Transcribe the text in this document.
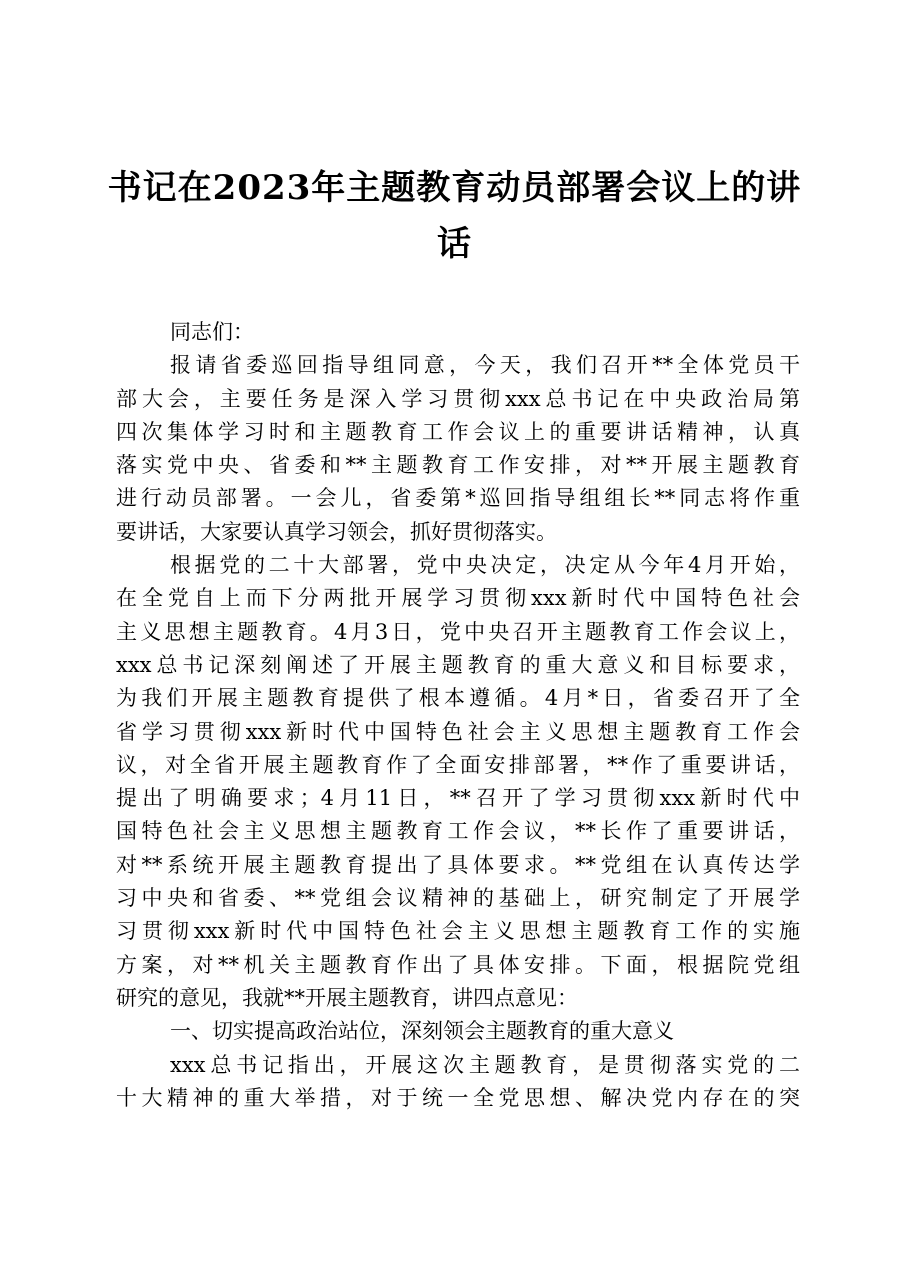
书记在2023年主题教育动员部署会议上的讲
话
同志们：
报请省委巡回指导组同意，今天，我们召开**全体党员干
部大会，主要任务是深入学习贯彻xxx总书记在中央政治局第
四次集体学习时和主题教育工作会议上的重要讲话精神，认真
落实党中央、省委和**主题教育工作安排，对**开展主题教育
进行动员部署。一会儿，省委第*巡回指导组组长**同志将作重
要讲话，大家要认真学习领会，抓好贯彻落实。
根据党的二十大部署，党中央决定，决定从今年4月开始，
在全党自上而下分两批开展学习贯彻xxx新时代中国特色社会
主义思想主题教育。4月3日，党中央召开主题教育工作会议上，
xxx总书记深刻阐述了开展主题教育的重大意义和目标要求，
为我们开展主题教育提供了根本遵循。4月*日，省委召开了全
省学习贯彻xxx新时代中国特色社会主义思想主题教育工作会
议，对全省开展主题教育作了全面安排部署，**作了重要讲话，
提出了明确要求；4月11日，**召开了学习贯彻xxx新时代中
国特色社会主义思想主题教育工作会议，**长作了重要讲话，
对**系统开展主题教育提出了具体要求。**党组在认真传达学
习中央和省委、**党组会议精神的基础上，研究制定了开展学
习贯彻xxx新时代中国特色社会主义思想主题教育工作的实施
方案，对**机关主题教育作出了具体安排。下面，根据院党组
研究的意见，我就**开展主题教育，讲四点意见：
一、切实提高政治站位，深刻领会主题教育的重大意义
xxx总书记指出，开展这次主题教育，是贯彻落实党的二
十大精神的重大举措，对于统一全党思想、解决党内存在的突
